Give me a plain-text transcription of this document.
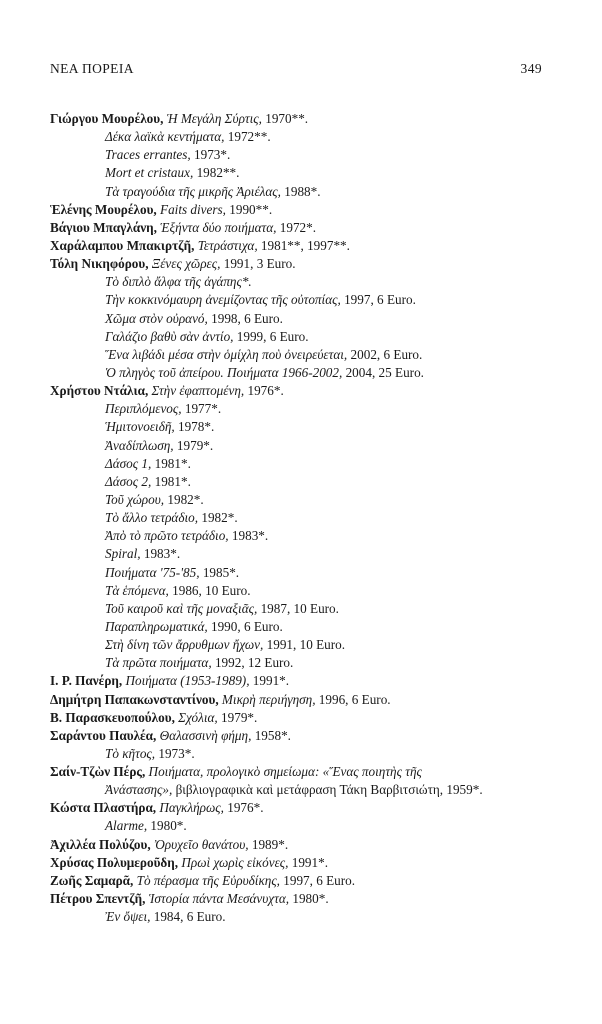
ΝΕΑ ΠΟΡΕΙΑ	349
Γιώργου Μουρέλου, Ἡ Μεγάλη Σύρτις, 1970**.
Δέκα λαϊκὰ κεντήματα, 1972**.
Traces errantes, 1973*.
Mort et cristaux, 1982**.
Τὰ τραγούδια τῆς μικρῆς Ἀριέλας, 1988*.
Ἑλένης Μουρέλου, Faits divers, 1990**.
Βάγιου Μπαγλάνη, Ἑξήντα δύο ποιήματα, 1972*.
Χαράλαμπου Μπακιρτζῆ, Τετράστιχα, 1981**, 1997**.
Τόλη Νικηφόρου, Ξένες χῶρες, 1991, 3 Euro.
Τὸ διπλὸ ἄλφα τῆς ἀγάπης*.
Τὴν κοκκινόμαυρη ἀνεμίζοντας τῆς οὐτοπίας, 1997, 6 Euro.
Χῶμα στὸν οὐρανό, 1998, 6 Euro.
Γαλάζιο βαθὺ σὰν ἀντίο, 1999, 6 Euro.
Ἕνα λιβάδι μέσα στὴν ὁμίχλη ποὺ ὀνειρεύεται, 2002, 6 Euro.
Ὁ πληγὸς τοῦ ἀπείρου. Ποιήματα 1966-2002, 2004, 25 Euro.
Χρήστου Ντάλια, Στὴν ἐφαπτομένη, 1976*.
Περιπλόμενος, 1977*.
Ἡμιτονοειδῆ, 1978*.
Ἀναδίπλωση, 1979*.
Δάσος 1, 1981*.
Δάσος 2, 1981*.
Τοῦ χώρου, 1982*.
Τὸ ἄλλο τετράδιο, 1982*.
Ἀπὸ τὸ πρῶτο τετράδιο, 1983*.
Spiral, 1983*.
Ποιήματα '75-'85, 1985*.
Τὰ ἑπόμενα, 1986, 10 Euro.
Τοῦ καιροῦ καὶ τῆς μοναξιᾶς, 1987, 10 Euro.
Παραπληρωματικά, 1990, 6 Euro.
Στὴ δίνη τῶν ἄρρυθμων ἤχων, 1991, 10 Euro.
Τὰ πρῶτα ποιήματα, 1992, 12 Euro.
Ι. Ρ. Πανέρη, Ποιήματα (1953-1989), 1991*.
Δημήτρη Παπακωνσταντίνου, Μικρὴ περιήγηση, 1996, 6 Euro.
Β. Παρασκευοπούλου, Σχόλια, 1979*.
Σαράντου Παυλέα, Θαλασσινὴ φήμη, 1958*.
Τὸ κῆτος, 1973*.
Σαίν-Τζὼν Πέρς, Ποιήματα, προλογικὸ σημείωμα: «Ἕνας ποιητὴς τῆς
Ἀνάστασης», βιβλιογραφικὰ καὶ μετάφραση Τάκη Βαρβιτσιώτη, 1959*.
Κώστα Πλαστήρα, Παγκλήρως, 1976*.
Alarme, 1980*.
Ἀχιλλέα Πολύζου, Ὀρυχεῖο θανάτου, 1989*.
Χρύσας Πολυμεροῦδη, Πρωὶ χωρὶς εἰκόνες, 1991*.
Ζωῆς Σαμαρᾶ, Τὸ πέρασμα τῆς Εὐρυδίκης, 1997, 6 Euro.
Πέτρου Σπεντζῆ, Ἱστορία πάντα Μεσάνυχτα, 1980*.
Ἐν ὄψει, 1984, 6 Euro.
